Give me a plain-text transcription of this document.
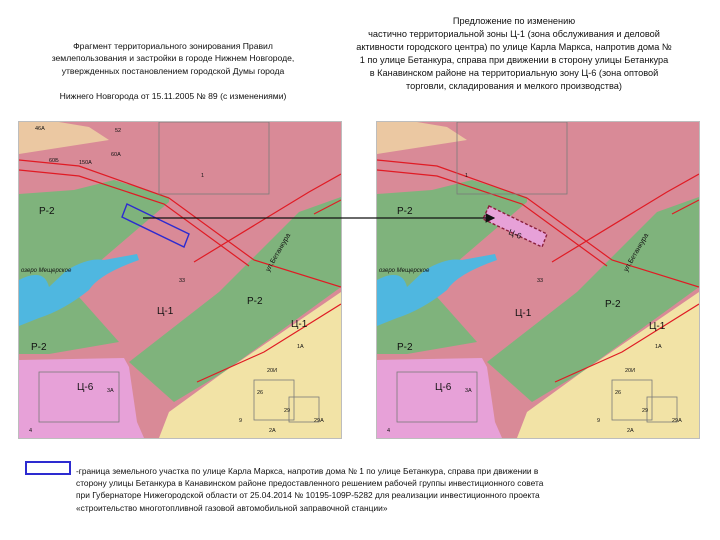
Фрагмент территориального зонирования Правил
землепользования и застройки в городе Нижнем Новгороде,
утвержденных постановлением городской Думы города
Нижнего Новгорода от 15.11.2005 № 89 (с изменениями)
Предложение по изменению
частично территориальной зоны Ц-1 (зона обслуживания и деловой
активности городского центра) по улице Карла Маркса, напротив дома №
1 по улице Бетанкура, справа при движении в сторону улицы Бетанкура
в Канавинском районе на территориальную зону Ц-6 (зона оптовой
торговли, складирования и мелкого производства)
Р-2
Р-2
Р-2
Ц-1
Ц-1
Ц-6
озеро Мещерское	ул.Бетанкура
150А
60Б
60А
46А	52
1
33
3А
20И
26
29
29А
9
1А
2А
4
Ц-6
Р-2
Р-2
Р-2
Ц-1
Ц-1
Ц-6
озеро Мещерское	ул.Бетанкура
1
33
3А
20И
26
29
29А
9
1А
2А
4
-граница земельного участка по улице Карла Маркса, напротив дома № 1 по улице Бетанкура, справа при движении в
сторону улицы Бетанкура в Канавинском районе предоставленного решением рабочей группы инвестиционного совета
при Губернаторе Нижегородской области от 25.04.2014 № 10195-109Р-5282 для реализации инвестиционного проекта
«строительство многотопливной газовой автомобильной заправочной станции»
